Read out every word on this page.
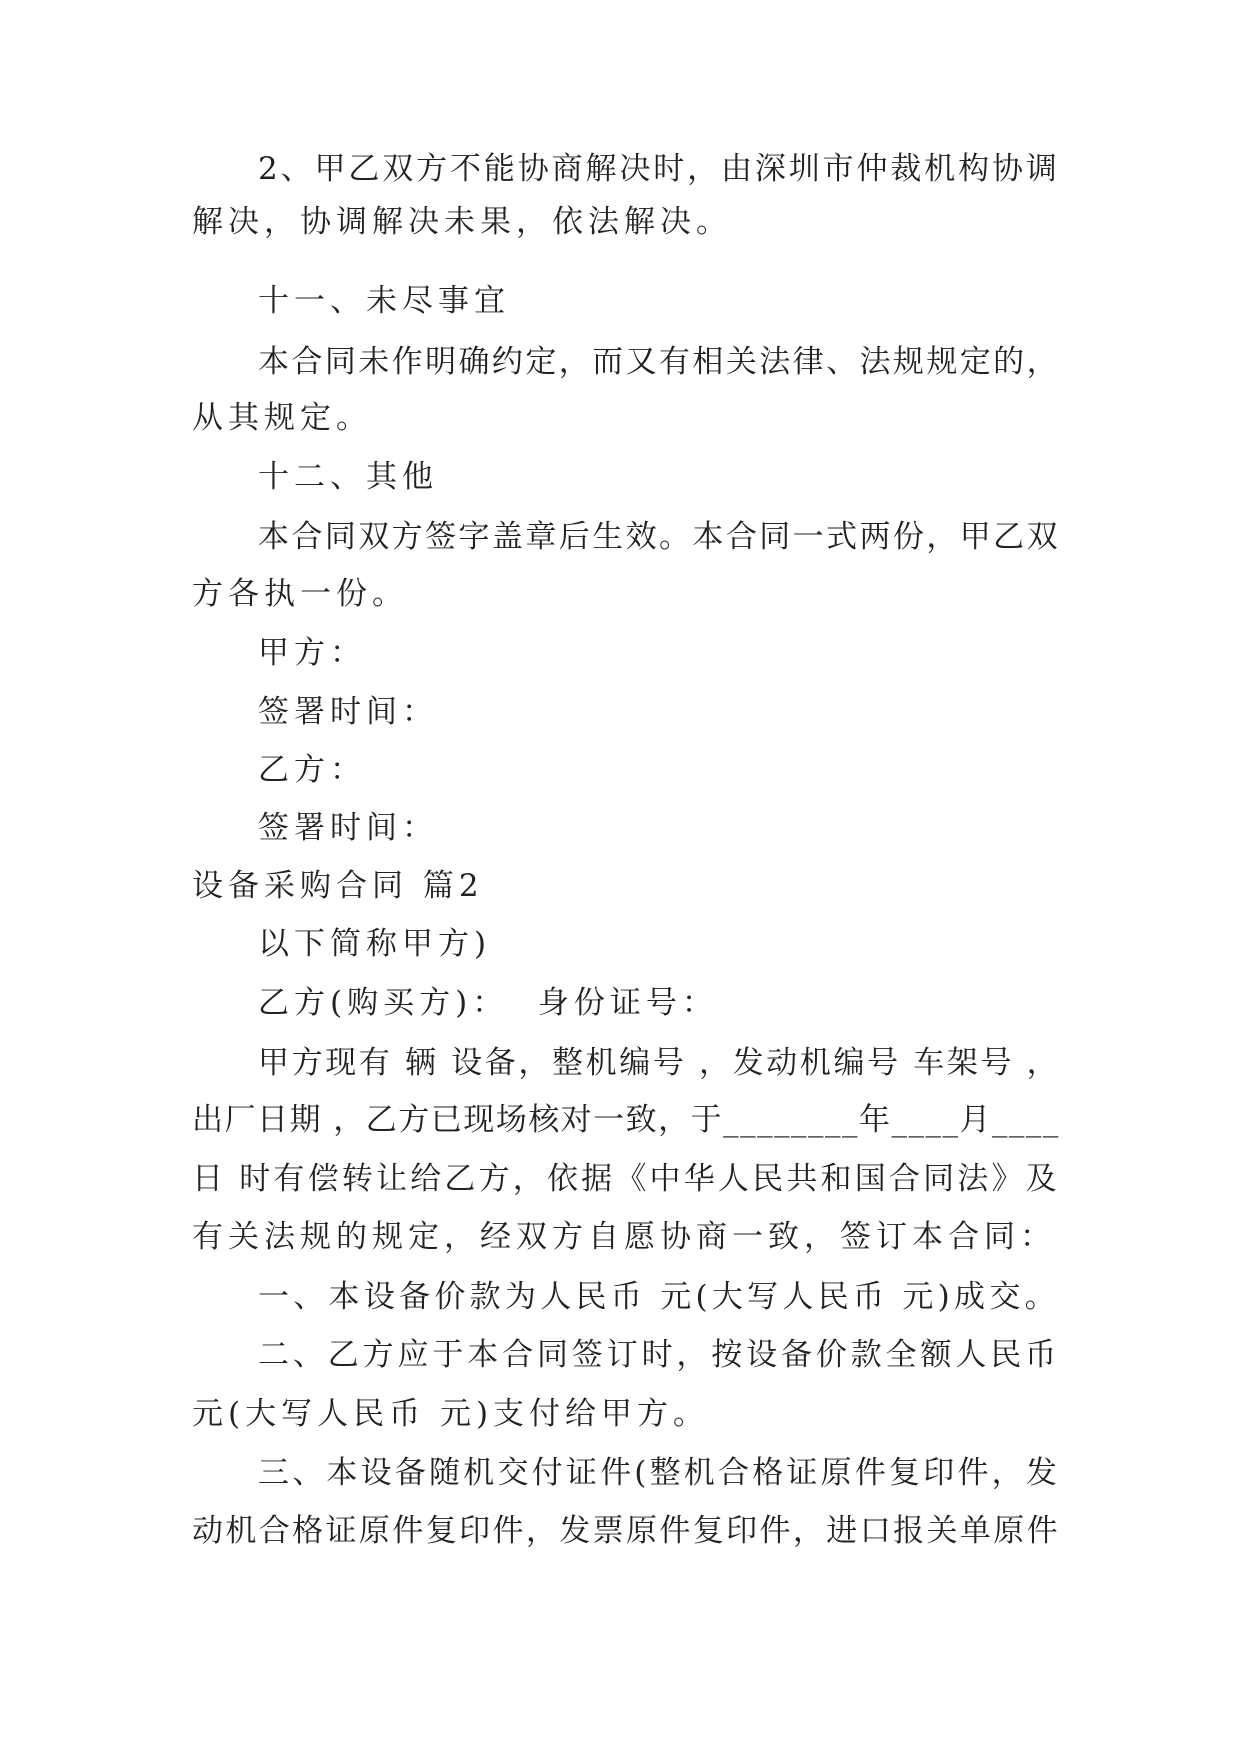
2、甲乙双方不能协商解决时，由深圳市仲裁机构协调
解决，协调解决未果，依法解决。
十一、未尽事宜
本合同未作明确约定，而又有相关法律、法规规定的，
从其规定。
十二、其他
本合同双方签字盖章后生效。本合同一式两份，甲乙双
方各执一份。
甲方：
签署时间：
乙方：
签署时间：
设备采购合同 篇2
以下简称甲方)
乙方(购买方)：  身份证号：
甲方现有 辆 设备，整机编号 ，发动机编号 车架号 ，
出厂日期 ，乙方已现场核对一致，于________年____月____
日 时有偿转让给乙方，依据《中华人民共和国合同法》及
有关法规的规定，经双方自愿协商一致，签订本合同：
一、本设备价款为人民币 元(大写人民币 元)成交。
二、乙方应于本合同签订时，按设备价款全额人民币
元(大写人民币 元)支付给甲方。
三、本设备随机交付证件(整机合格证原件复印件，发
动机合格证原件复印件，发票原件复印件，进口报关单原件
